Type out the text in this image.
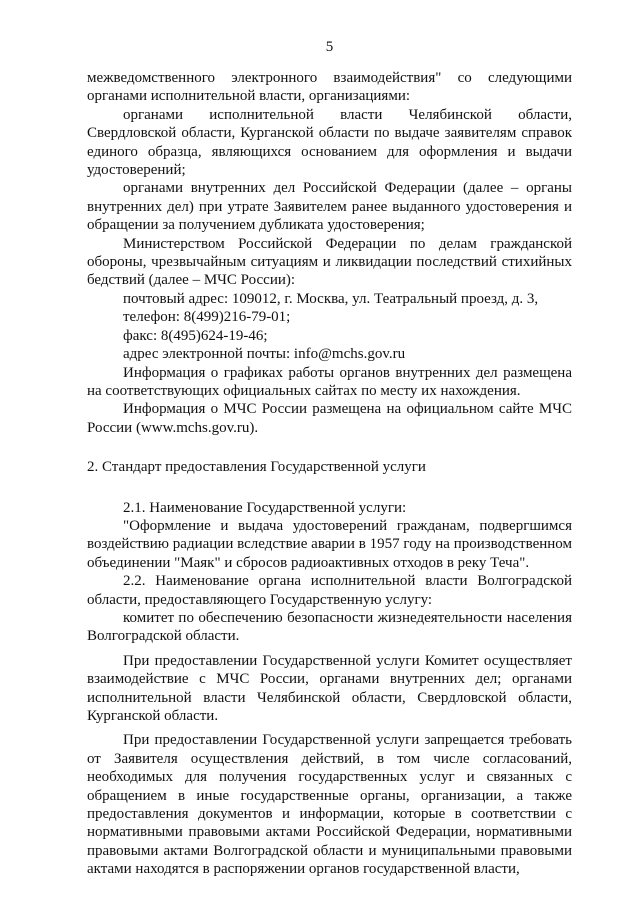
5

межведомственного электронного взаимодействия" со следующими органами исполнительной власти, организациями:

органами исполнительной власти Челябинской области, Свердловской области, Курганской области по выдаче заявителям справок единого образца, являющихся основанием для оформления и выдачи удостоверений;

органами внутренних дел Российской Федерации (далее – органы внутренних дел) при утрате Заявителем ранее выданного удостоверения и обращении за получением дубликата удостоверения;

Министерством Российской Федерации по делам гражданской обороны, чрезвычайным ситуациям и ликвидации последствий стихийных бедствий (далее – МЧС России):

почтовый адрес: 109012, г. Москва, ул. Театральный проезд, д. 3,

телефон: 8(499)216-79-01;

факс: 8(495)624-19-46;

адрес электронной почты: info@mchs.gov.ru

Информация о графиках работы органов внутренних дел размещена на соответствующих официальных сайтах по месту их нахождения.

Информация о МЧС России размещена на официальном сайте МЧС России (www.mchs.gov.ru).

2. Стандарт предоставления Государственной услуги

2.1. Наименование Государственной услуги:

"Оформление и выдача удостоверений гражданам, подвергшимся воздействию радиации вследствие аварии в 1957 году на производственном объединении "Маяк" и сбросов радиоактивных отходов в реку Теча".

2.2. Наименование органа исполнительной власти Волгоградской области, предоставляющего Государственную услугу:

комитет по обеспечению безопасности жизнедеятельности населения Волгоградской области.

При предоставлении Государственной услуги Комитет осуществляет взаимодействие с МЧС России, органами внутренних дел; органами исполнительной власти Челябинской области, Свердловской области, Курганской области.

При предоставлении Государственной услуги запрещается требовать от Заявителя осуществления действий, в том числе согласований, необходимых для получения государственных услуг и связанных с обращением в иные государственные органы, организации, а также предоставления документов и информации, которые в соответствии с нормативными правовыми актами Российской Федерации, нормативными правовыми актами Волгоградской области и муниципальными правовыми актами находятся в распоряжении органов государственной власти,
